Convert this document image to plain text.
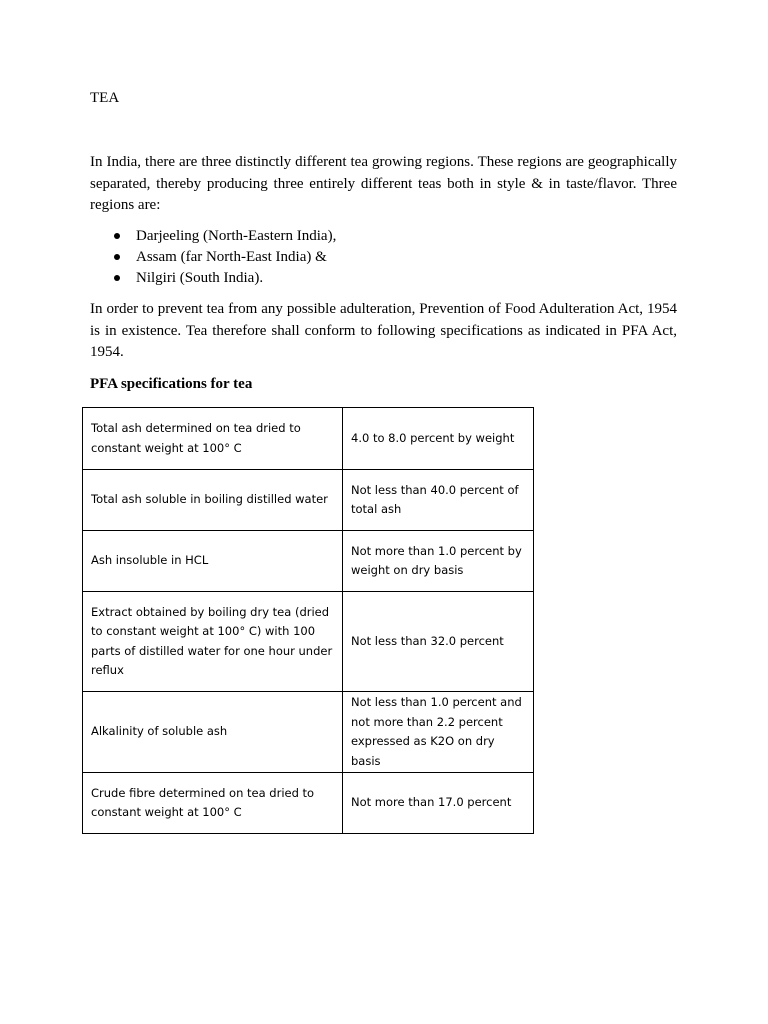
TEA

In India, there are three distinctly different tea growing regions. These regions are geographically separated, thereby producing three entirely different teas both in style & in taste/flavor. Three regions are:

Darjeeling (North-Eastern India),
Assam (far North-East India) &
Nilgiri (South India).

In order to prevent tea from any possible adulteration, Prevention of Food Adulteration Act, 1954 is in existence. Tea therefore shall conform to following specifications as indicated in PFA Act, 1954.

PFA specifications for tea
Total ash determined on tea dried to constant weight at 100° C	4.0 to 8.0 percent by weight
Total ash soluble in boiling distilled water	Not less than 40.0 percent of total ash
Ash insoluble in HCL	Not more than 1.0 percent by weight on dry basis
Extract obtained by boiling dry tea (dried to constant weight at 100° C) with 100 parts of distilled water for one hour under reflux	Not less than 32.0 percent
Alkalinity of soluble ash	Not less than 1.0 percent and not more than 2.2 percent expressed as K2O on dry basis
Crude fibre determined on tea dried to constant weight at 100° C	Not more than 17.0 percent
